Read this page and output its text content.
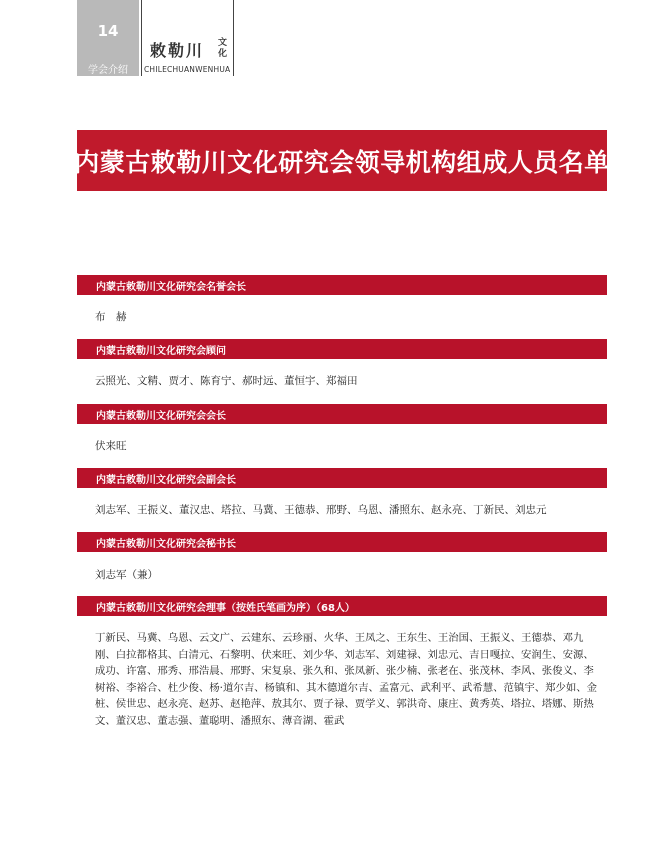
14
学会介绍
敕勒川 文化
CHILECHUANWENHUA
内蒙古敕勒川文化研究会领导机构组成人员名单
内蒙古敕勒川文化研究会名誉会长
布　赫
内蒙古敕勒川文化研究会顾问
云照光、文精、贾才、陈育宁、郝时远、董恒宇、郑福田
内蒙古敕勒川文化研究会会长
伏来旺
内蒙古敕勒川文化研究会副会长
刘志军、王振义、董汉忠、塔拉、马冀、王德恭、邢野、乌恩、潘照东、赵永亮、丁新民、刘忠元
内蒙古敕勒川文化研究会秘书长
刘志军（兼）
内蒙古敕勒川文化研究会理事（按姓氏笔画为序）（68人）
丁新民、马冀、乌恩、云文广、云建东、云珍丽、火华、王凤之、王东生、王治国、王振义、王德恭、邓九刚、白拉都格其、白清元、石黎明、伏来旺、刘少华、刘志军、刘建禄、刘忠元、吉日嘎拉、安润生、安源、成功、许富、邢秀、邢浩晨、邢野、宋复泉、张久和、张凤新、张少楠、张老在、张茂林、李风、张俊义、李树裕、李裕合、杜少俊、杨·道尔吉、杨镇和、其木德道尔吉、孟富元、武利平、武希慧、范镇宇、郑少如、金桩、侯世忠、赵永亮、赵苏、赵艳萍、敖其尔、贾子禄、贾学义、郭洪奇、康庄、黄秀英、塔拉、塔娜、斯热文、董汉忠、董志强、董聪明、潘照东、薄音湖、霍武
